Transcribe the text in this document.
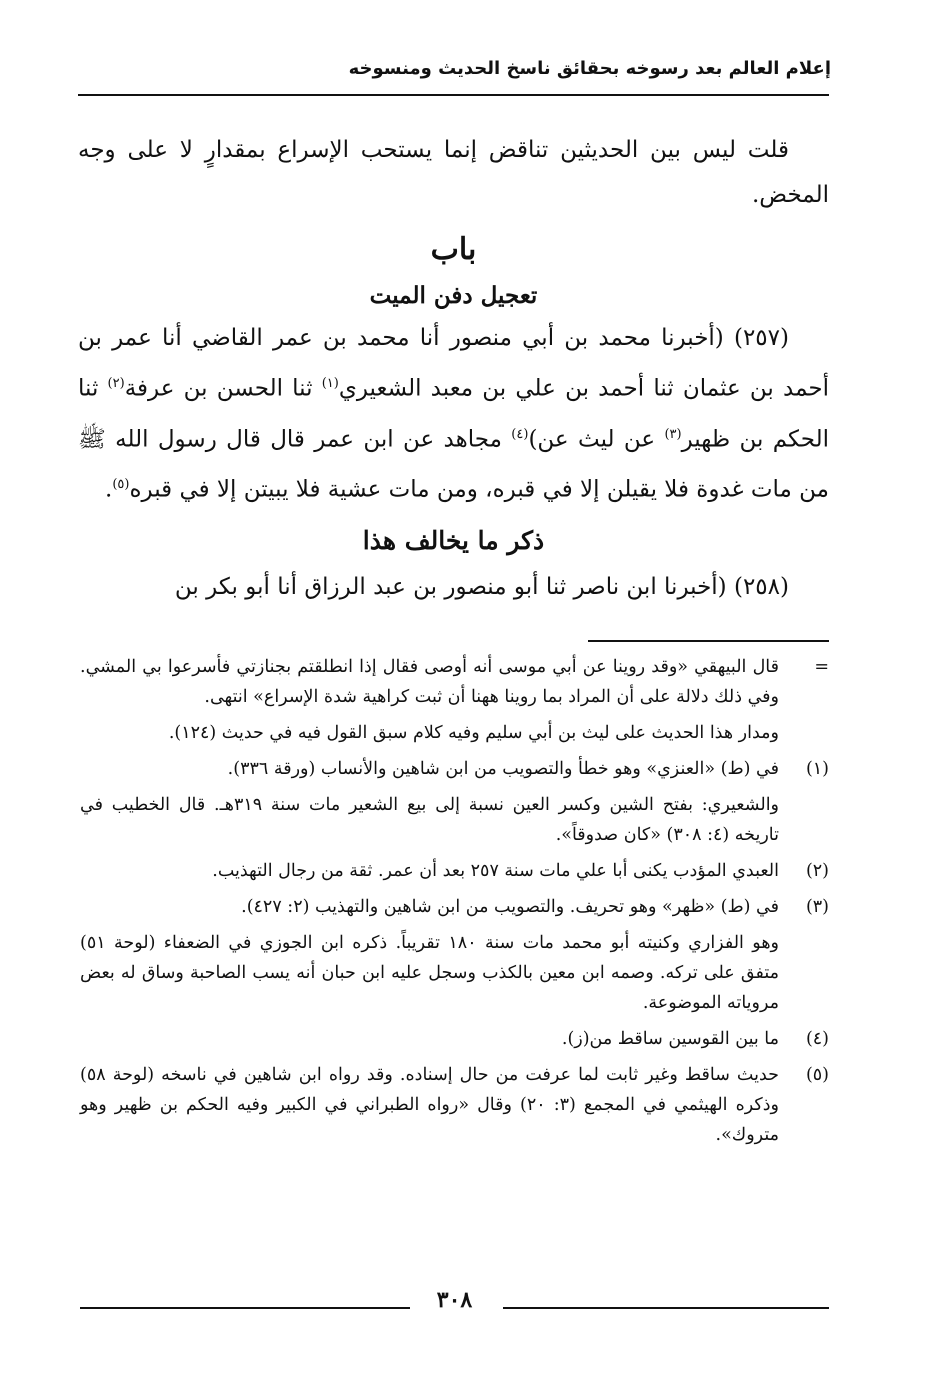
إعلام العالم بعد رسوخه بحقائق ناسخ الحديث ومنسوخه

قلت ليس بين الحديثين تناقض إنما يستحب الإسراع بمقدارٍ لا على وجه المخض.

باب

تعجيل دفن الميت

(٢٥٧) (أخبرنا محمد بن أبي منصور أنا محمد بن عمر القاضي أنا عمر بن أحمد بن عثمان ثنا أحمد بن علي بن معبد الشعيري$^{(١)}$ ثنا الحسن بن عرفة$^{(٢)}$ ثنا الحكم بن ظهير$^{(٣)}$ عن ليث عن)$^{(٤)}$ مجاهد عن ابن عمر قال قال رسول الله ﷺ من مات غدوة فلا يقيلن إلا في قبره، ومن مات عشية فلا يبيتن إلا في قبره$^{(٥)}$.

ذكر ما يخالف هذا

(٢٥٨) (أخبرنا ابن ناصر ثنا أبو منصور بن عبد الرزاق أنا أبو بكر بن

=
قال البيهقي «وقد روينا عن أبي موسى أنه أوصى فقال إذا انطلقتم بجنازتي فأسرعوا بي المشي. وفي ذلك دلالة على أن المراد بما روينا ههنا أن ثبت كراهية شدة الإسراع» انتهى.
ومدار هذا الحديث على ليث بن أبي سليم وفيه كلام سبق القول فيه في حديث (١٢٤).
(١)
في (ط) «العنزي» وهو خطأ والتصويب من ابن شاهين والأنساب (ورقة ٣٣٦).
والشعيري: بفتح الشين وكسر العين نسبة إلى بيع الشعير مات سنة ٣١٩هـ. قال الخطيب في تاريخه (٤: ٣٠٨) «كان صدوقاً».
(٢)
العبدي المؤدب يكنى أبا علي مات سنة ٢٥٧ بعد أن عمر. ثقة من رجال التهذيب.
(٣)
في (ط) «ظهر» وهو تحريف. والتصويب من ابن شاهين والتهذيب (٢: ٤٢٧).
وهو الفزاري وكنيته أبو محمد مات سنة ١٨٠ تقريباً. ذكره ابن الجوزي في الضعفاء (لوحة ٥١) متفق على تركه. وصمه ابن معين بالكذب وسجل عليه ابن حبان أنه يسب الصاحبة وساق له بعض مروياته الموضوعة.
(٤)
ما بين القوسين ساقط من(ز).
(٥)
حديث ساقط وغير ثابت لما عرفت من حال إسناده. وقد رواه ابن شاهين في ناسخه (لوحة ٥٨) وذكره الهيثمي في المجمع (٣: ٢٠) وقال «رواه الطبراني في الكبير وفيه الحكم بن ظهير وهو متروك».
٣٠٨
